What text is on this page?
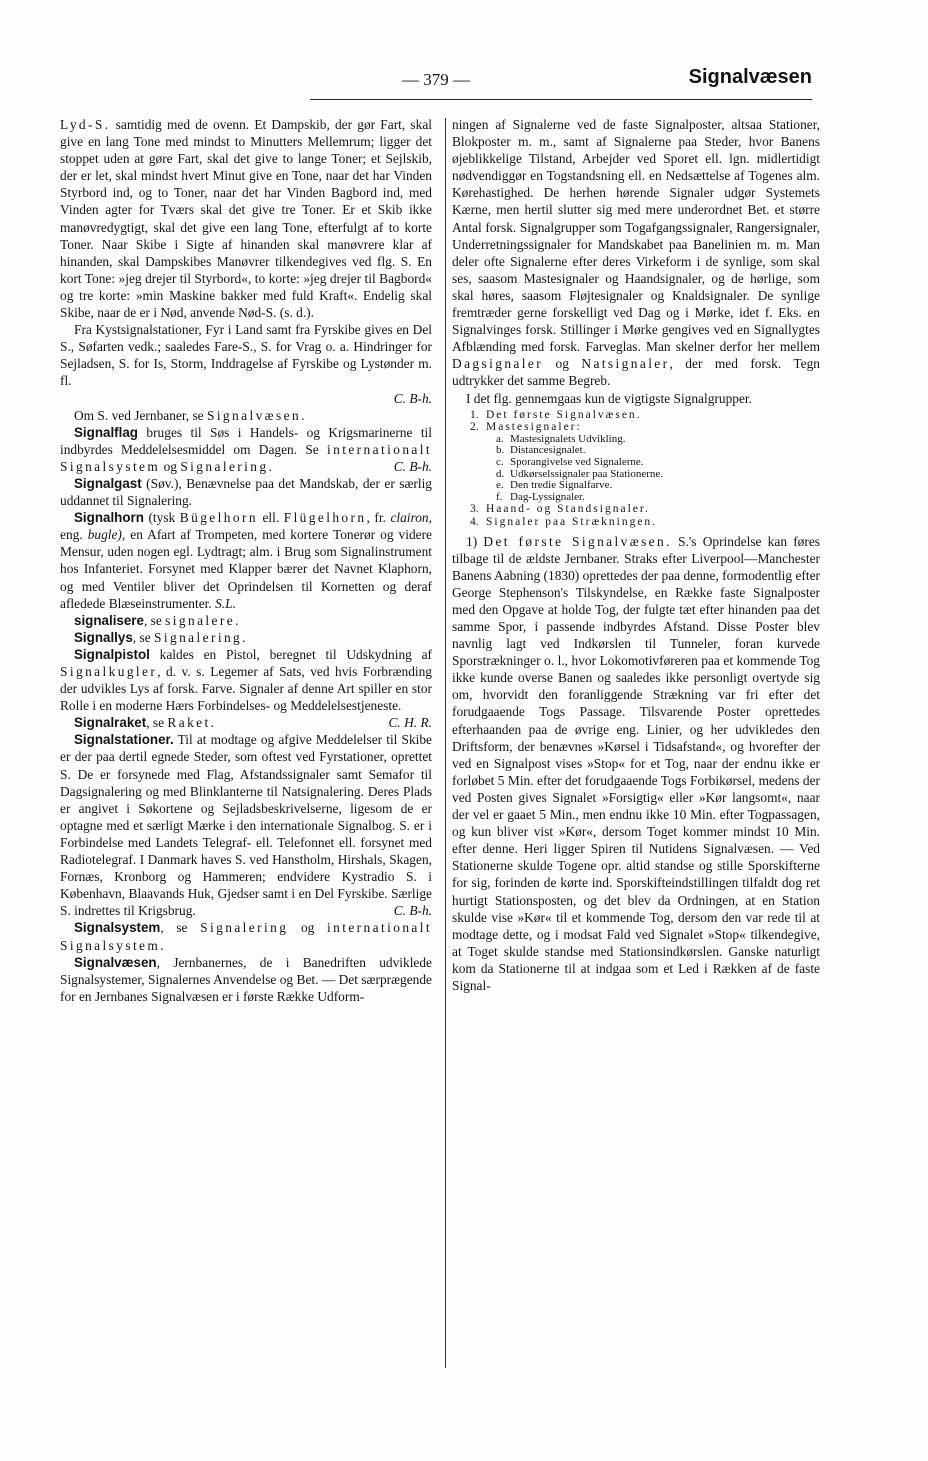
— 379 —	Signalvæsen

Lyd-S. samtidig med de ovenn. Et Dampskib, der gør Fart, skal give en lang Tone med mindst to Minutters Mellemrum; ligger det stoppet uden at gøre Fart, skal det give to lange Toner; et Sejlskib, der er let, skal mindst hvert Minut give en Tone, naar det har Vinden Styrbord ind, og to Toner, naar det har Vinden Bagbord ind, med Vinden agter for Tværs skal det give tre Toner. Er et Skib ikke manøvredygtigt, skal det give een lang Tone, efterfulgt af to korte Toner. Naar Skibe i Sigte af hinanden skal manøvrere klar af hinanden, skal Dampskibes Manøvrer tilkendegives ved flg. S. En kort Tone: »jeg drejer til Styrbord«, to korte: »jeg drejer til Bagbord« og tre korte: »min Maskine bakker med fuld Kraft«. Endelig skal Skibe, naar de er i Nød, anvende Nød-S. (s. d.).

Fra Kystsignalstationer, Fyr i Land samt fra Fyrskibe gives en Del S., Søfarten vedk.; saaledes Fare-S., S. for Vrag o. a. Hindringer for Sejladsen, S. for Is, Storm, Inddragelse af Fyrskibe og Lystønder m. fl.
C. B-h.

Om S. ved Jernbaner, se Signalvæsen.

Signalflag bruges til Søs i Handels- og Krigsmarinerne til indbyrdes Meddelelsesmiddel om Dagen. Se internationalt Signalsystem og Signalering.	C. B-h.

Signalgast (Søv.), Benævnelse paa det Mandskab, der er særlig uddannet til Signalering.

Signalhorn (tysk Bügelhorn ell. Flügelhorn, fr. clairon, eng. bugle), en Afart af Trompeten, med kortere Tonerør og videre Mensur, uden nogen egl. Lydtragt; alm. i Brug som Signalinstrument hos Infanteriet. Forsynet med Klapper bærer det Navnet Klaphorn, og med Ventiler bliver det Oprindelsen til Kornetten og deraf afledede Blæseinstrumenter. S.L.

signalisere, se signalere.

Signallys, se Signalering.

Signalpistol kaldes en Pistol, beregnet til Udskydning af Signalkugler, d. v. s. Legemer af Sats, ved hvis Forbrænding der udvikles Lys af forsk. Farve. Signaler af denne Art spiller en stor Rolle i en moderne Hærs Forbindelses- og Meddelelsestjeneste.
C. H. R.

Signalraket, se Raket.

Signalstationer. Til at modtage og afgive Meddelelser til Skibe er der paa dertil egnede Steder, som oftest ved Fyrstationer, oprettet S. De er forsynede med Flag, Afstandssignaler samt Semafor til Dagsignalering og med Blinklanterne til Natsignalering. Deres Plads er angivet i Søkortene og Sejladsbeskrivelserne, ligesom de er optagne med et særligt Mærke i den internationale Signalbog. S. er i Forbindelse med Landets Telegraf- ell. Telefonnet ell. forsynet med Radiotelegraf. I Danmark haves S. ved Hanstholm, Hirshals, Skagen, Fornæs, Kronborg og Hammeren; endvidere Kystradio S. i København, Blaavands Huk, Gjedser samt i en Del Fyrskibe. Særlige S. indrettes til Krigsbrug.	C. B-h.

Signalsystem, se Signalering og internationalt Signalsystem.

Signalvæsen, Jernbanernes, de i Banedriften udviklede Signalsystemer, Signalernes Anvendelse og Bet. — Det særprægende for en Jernbanes Signalvæsen er i første Række Udform-

ningen af Signalerne ved de faste Signalposter, altsaa Stationer, Blokposter m. m., samt af Signalerne paa Steder, hvor Banens øjeblikkelige Tilstand, Arbejder ved Sporet ell. lgn. midlertidigt nødvendiggør en Togstandsning ell. en Nedsættelse af Togenes alm. Kørehastighed. De herhen hørende Signaler udgør Systemets Kærne, men hertil slutter sig med mere underordnet Bet. et større Antal forsk. Signalgrupper som Togafgangssignaler, Rangersignaler, Underretningssignaler for Mandskabet paa Banelinien m. m. Man deler ofte Signalerne efter deres Virkeform i de synlige, som skal ses, saasom Mastesignaler og Haandsignaler, og de hørlige, som skal høres, saasom Fløjtesignaler og Knaldsignaler. De synlige fremtræder gerne forskelligt ved Dag og i Mørke, idet f. Eks. en Signalvinges forsk. Stillinger i Mørke gengives ved en Signallygtes Afblænding med forsk. Farveglas. Man skelner derfor her mellem Dagsignaler og Natsignaler, der med forsk. Tegn udtrykker det samme Begreb.

I det flg. gennemgaas kun de vigtigste Signalgrupper.

1. Det første Signalvæsen.
2. Mastesignaler:
a. Mastesignalets Udvikling.
b. Distancesignalet.
c. Sporangivelse ved Signalerne.
d. Udkørselssignaler paa Stationerne.
e. Den tredie Signalfarve.
f. Dag-Lyssignaler.
3. Haand- og Standsignaler.
4. Signaler paa Strækningen.

1) Det første Signalvæsen. S.'s Oprindelse kan føres tilbage til de ældste Jernbaner. Straks efter Liverpool—Manchester Banens Aabning (1830) oprettedes der paa denne, formodentlig efter George Stephenson's Tilskyndelse, en Række faste Signalposter med den Opgave at holde Tog, der fulgte tæt efter hinanden paa det samme Spor, i passende indbyrdes Afstand. Disse Poster blev navnlig lagt ved Indkørslen til Tunneler, foran kurvede Sporstrækninger o. l., hvor Lokomotivføreren paa et kommende Tog ikke kunde overse Banen og saaledes ikke personligt overtyde sig om, hvorvidt den foranliggende Strækning var fri efter det forudgaaende Togs Passage. Tilsvarende Poster oprettedes efterhaanden paa de øvrige eng. Linier, og her udvikledes den Driftsform, der benævnes »Kørsel i Tidsafstand«, og hvorefter der ved en Signalpost vises »Stop« for et Tog, naar der endnu ikke er forløbet 5 Min. efter det forudgaaende Togs Forbikørsel, medens der ved Posten gives Signalet »Forsigtig« eller »Kør langsomt«, naar der vel er gaaet 5 Min., men endnu ikke 10 Min. efter Togpassagen, og kun bliver vist »Kør«, dersom Toget kommer mindst 10 Min. efter denne. Heri ligger Spiren til Nutidens Signalvæsen. — Ved Stationerne skulde Togene opr. altid standse og stille Sporskifterne for sig, forinden de kørte ind. Sporskifteindstillingen tilfaldt dog ret hurtigt Stationsposten, og det blev da Ordningen, at en Station skulde vise »Kør« til et kommende Tog, dersom den var rede til at modtage dette, og i modsat Fald ved Signalet »Stop« tilkendegive, at Toget skulde standse med Stationsindkørslen. Ganske naturligt kom da Stationerne til at indgaa som et Led i Rækken af de faste Signal-
